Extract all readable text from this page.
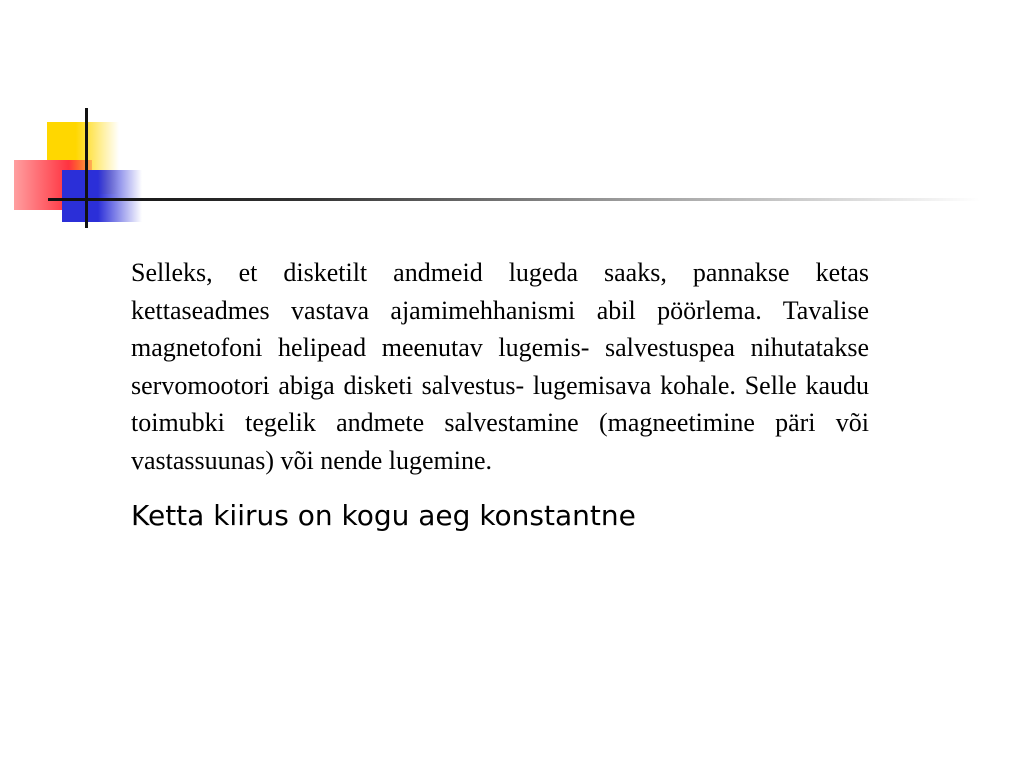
Selleks, et disketilt andmeid lugeda saaks, pannakse ketas kettaseadmes vastava ajamimehhanismi abil pöörlema. Tavalise magnetofoni helipead meenutav lugemis- salvestuspea nihutatakse servomootori abiga disketi salvestus- lugemisava kohale. Selle kaudu toimubki tegelik andmete salvestamine (magneetimine päri või vastassuunas) või nende lugemine.

Ketta kiirus on kogu aeg konstantne
